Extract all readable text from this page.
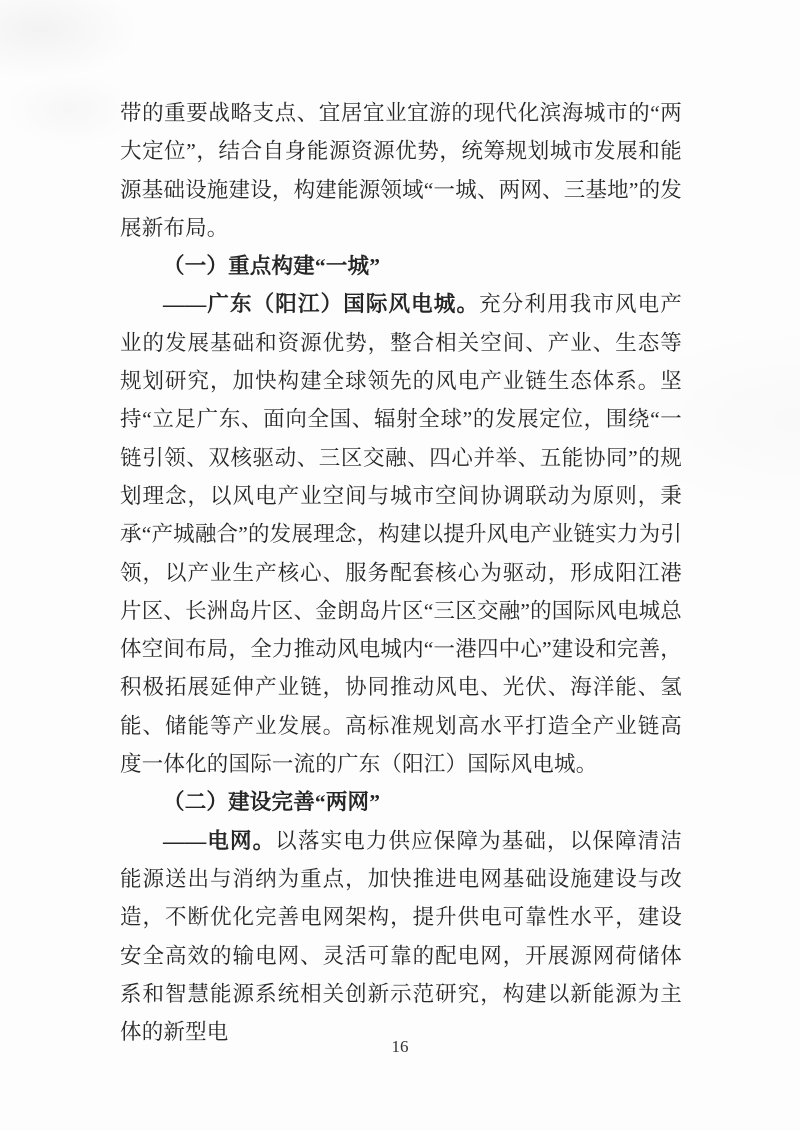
带的重要战略支点、宜居宜业宜游的现代化滨海城市的“两大定位”，结合自身能源资源优势，统筹规划城市发展和能源基础设施建设，构建能源领域“一城、两网、三基地”的发展新布局。

（一）重点构建“一城”

——广东（阳江）国际风电城。充分利用我市风电产业的发展基础和资源优势，整合相关空间、产业、生态等规划研究，加快构建全球领先的风电产业链生态体系。坚持“立足广东、面向全国、辐射全球”的发展定位，围绕“一链引领、双核驱动、三区交融、四心并举、五能协同”的规划理念，以风电产业空间与城市空间协调联动为原则，秉承“产城融合”的发展理念，构建以提升风电产业链实力为引领，以产业生产核心、服务配套核心为驱动，形成阳江港片区、长洲岛片区、金朗岛片区“三区交融”的国际风电城总体空间布局，全力推动风电城内“一港四中心”建设和完善，积极拓展延伸产业链，协同推动风电、光伏、海洋能、氢能、储能等产业发展。高标准规划高水平打造全产业链高度一体化的国际一流的广东（阳江）国际风电城。

（二）建设完善“两网”

——电网。以落实电力供应保障为基础，以保障清洁能源送出与消纳为重点，加快推进电网基础设施建设与改造，不断优化完善电网架构，提升供电可靠性水平，建设安全高效的输电网、灵活可靠的配电网，开展源网荷储体系和智慧能源系统相关创新示范研究，构建以新能源为主体的新型电

16
